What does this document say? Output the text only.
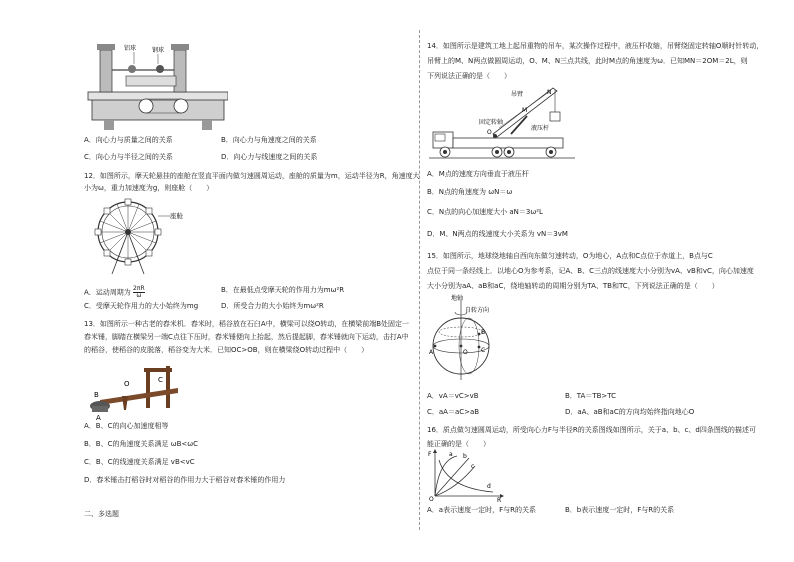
铝球	钢球
A．向心力与质量之间的关系	B．向心力与角速度之间的关系
C．向心力与半径之间的关系	D．向心力与线速度之间的关系
12．如图所示，摩天轮悬挂的座舱在竖直平面内做匀速圆周运动，座舱的质量为m，运动半径为R，角速度大
小为ω，重力加速度为g，则座舱（　　）
座舱
A．运动周期为 $\frac{2\pi R}{\omega}$	B．在最低点受摩天轮的作用力为mω²R
C．受摩天轮作用力的大小始终为mg	D．所受合力的大小始终为mω²R
13．如图所示一种古老的舂米机．舂米时，稻谷放在石臼A中，横梁可以绕O转动，在横梁前端B处固定一
舂米锤，脚踏在横梁另一端C点往下压时，舂米锤便向上抬起，然后提起脚，舂米锤就向下运动，击打A中
的稻谷，使稻谷的皮脱落，稻谷变为大米．已知OC>OB，则在横梁绕O转动过程中（　　）
B
O	C
A
A．B、C的向心加速度相等
B．B、C的角速度关系满足 ωB<ωC
C．B、C的线速度关系满足 vB<vC
D．舂米锤击打稻谷时对稻谷的作用力大于稻谷对舂米锤的作用力
二、多选题
14．如图所示是建筑工地上起吊重物的吊车，某次操作过程中，液压杆收缩，吊臂绕固定转轴O顺时针转动，
吊臂上的M、N两点做圆周运动，O、M、N三点共线，此时M点的角速度为ω．已知MN＝2OM＝2L，则
下列说法正确的是（　　）
吊臂	N
M
固定转轴
O
液压杆
A．M点的速度方向垂直于液压杆
B．N点的角速度为 ωN＝ω
C．N点的向心加速度大小 aN＝3ω²L
D．M、N两点的线速度大小关系为 vN＝3vM
15．如图所示，地球绕地轴自西向东做匀速转动，O为地心，A点和C点位于赤道上，B点与C
点位于同一条经线上．以地心O为参考系，记A、B、C三点的线速度大小分别为vA、vB和vC，向心加速度
大小分别为aA、aB和aC，绕地轴转动的周期分别为TA、TB和TC，下列说法正确的是（　　）
地轴
自转方向
B
O C
A
A．vA＝vC>vB	B．TA＝TB>TC
C．aA＝aC>aB	D．aA、aB和aC的方向均始终指向地心O
16．质点做匀速圆周运动，所受向心力F与半径R的关系图线如图所示，关于a、b、c、d四条图线的描述可
能正确的是（　　）
F	a b
c
d
O	R
A．a表示速度一定时，F与R的关系	B．b表示速度一定时，F与R的关系
